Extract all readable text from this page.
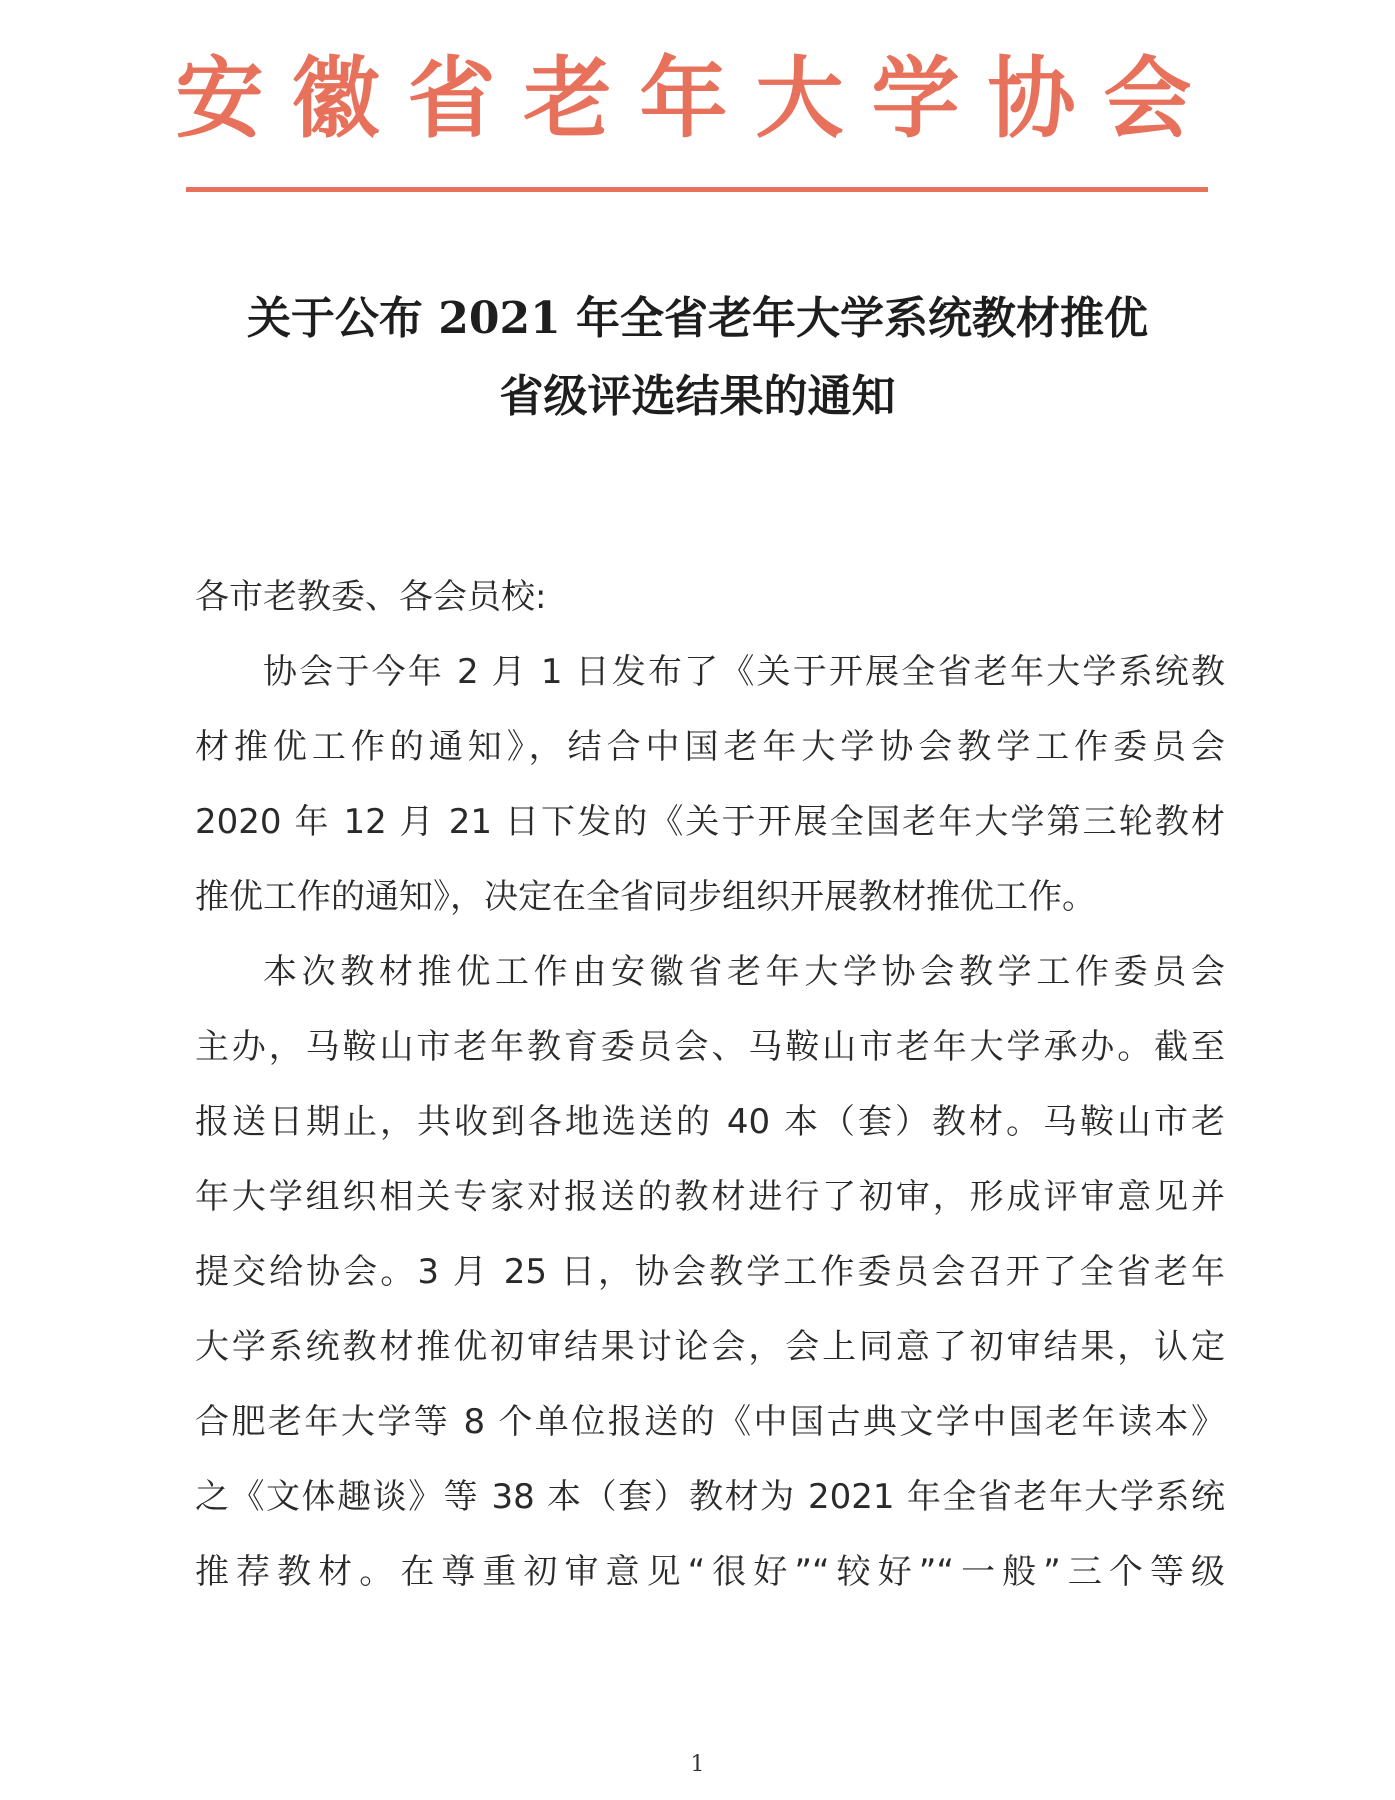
安徽省老年大学协会
关于公布 2021 年全省老年大学系统教材推优
省级评选结果的通知
各市老教委、各会员校:
协会于今年 2 月 1 日发布了《关于开展全省老年大学系统教
材推优工作的通知》，结合中国老年大学协会教学工作委员会
2020 年 12 月 21 日下发的《关于开展全国老年大学第三轮教材
推优工作的通知》，决定在全省同步组织开展教材推优工作。
本次教材推优工作由安徽省老年大学协会教学工作委员会
主办，马鞍山市老年教育委员会、马鞍山市老年大学承办。截至
报送日期止，共收到各地选送的 40 本（套）教材。马鞍山市老
年大学组织相关专家对报送的教材进行了初审，形成评审意见并
提交给协会。3 月 25 日，协会教学工作委员会召开了全省老年
大学系统教材推优初审结果讨论会，会上同意了初审结果，认定
合肥老年大学等 8 个单位报送的《中国古典文学中国老年读本》
之《文体趣谈》等 38 本（套）教材为 2021 年全省老年大学系统
推荐教材。在尊重初审意见“很好”“较好”“一般”三个等级
1
